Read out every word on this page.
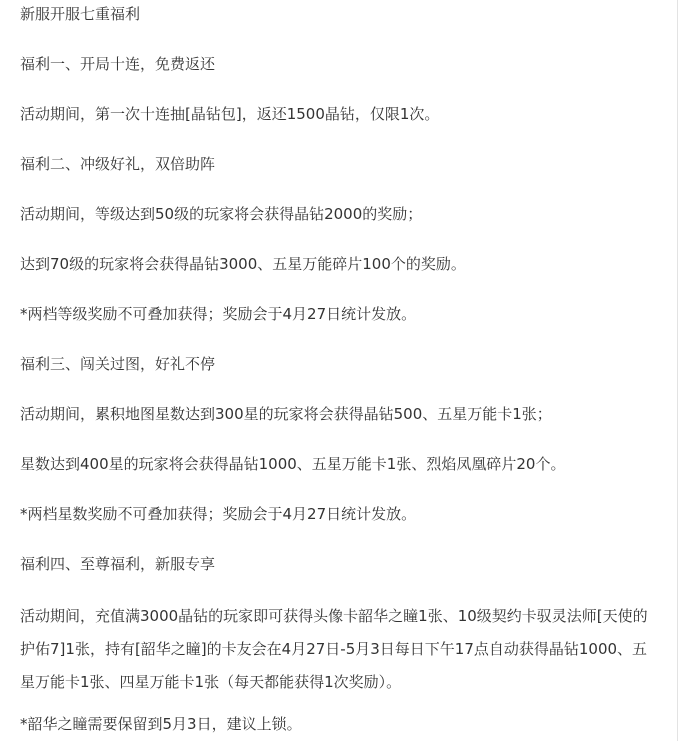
新服开服七重福利

福利一、开局十连，免费返还

活动期间，第一次十连抽[晶钻包]，返还1500晶钻，仅限1次。

福利二、冲级好礼，双倍助阵

活动期间，等级达到50级的玩家将会获得晶钻2000的奖励；

达到70级的玩家将会获得晶钻3000、五星万能碎片100个的奖励。

*两档等级奖励不可叠加获得；奖励会于4月27日统计发放。

福利三、闯关过图，好礼不停

活动期间，累积地图星数达到300星的玩家将会获得晶钻500、五星万能卡1张；

星数达到400星的玩家将会获得晶钻1000、五星万能卡1张、烈焰凤凰碎片20个。

*两档星数奖励不可叠加获得；奖励会于4月27日统计发放。

福利四、至尊福利，新服专享

活动期间，充值满3000晶钻的玩家即可获得头像卡韶华之瞳1张、10级契约卡驭灵法师[天使的护佑7]1张，持有[韶华之瞳]的卡友会在4月27日-5月3日每日下午17点自动获得晶钻1000、五星万能卡1张、四星万能卡1张（每天都能获得1次奖励）。

*韶华之瞳需要保留到5月3日，建议上锁。
